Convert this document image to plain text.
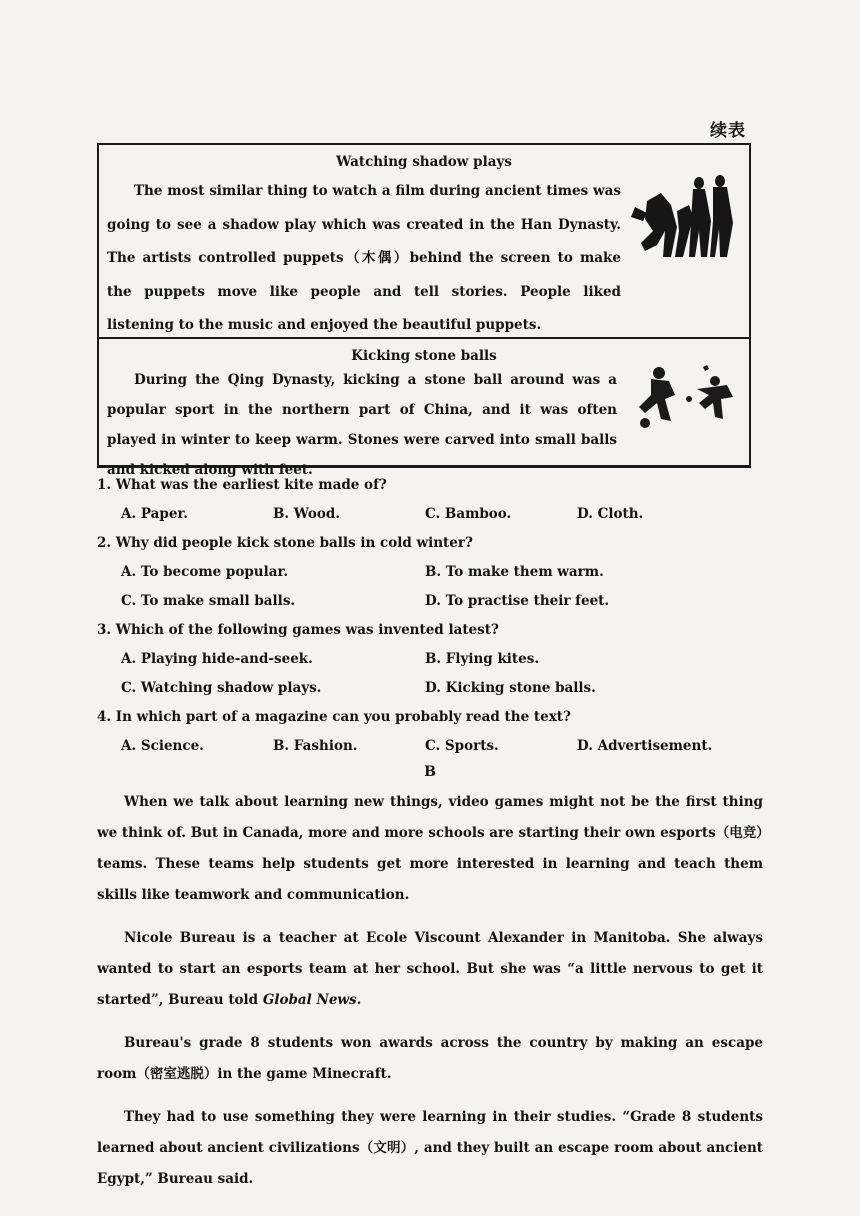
续表
Watching shadow plays
The most similar thing to watch a film during ancient times was going to see a shadow play which was created in the Han Dynasty. The artists controlled puppets（木偶）behind the screen to make the puppets move like people and tell stories. People liked listening to the music and enjoyed the beautiful puppets.
Kicking stone balls
During the Qing Dynasty, kicking a stone ball around was a popular sport in the northern part of China, and it was often played in winter to keep warm. Stones were carved into small balls and kicked along with feet.
1. What was the earliest kite made of?
A. Paper.	B. Wood.	C. Bamboo.	D. Cloth.
2. Why did people kick stone balls in cold winter?
A. To become popular.	B. To make them warm.
C. To make small balls.	D. To practise their feet.
3. Which of the following games was invented latest?
A. Playing hide-and-seek.	B. Flying kites.
C. Watching shadow plays.	D. Kicking stone balls.
4. In which part of a magazine can you probably read the text?
A. Science.	B. Fashion.	C. Sports.	D. Advertisement.
B

When we talk about learning new things, video games might not be the first thing we think of. But in Canada, more and more schools are starting their own esports（电竞）teams. These teams help students get more interested in learning and teach them skills like teamwork and communication.

Nicole Bureau is a teacher at Ecole Viscount Alexander in Manitoba. She always wanted to start an esports team at her school. But she was “a little nervous to get it started”, Bureau told Global News.

Bureau's grade 8 students won awards across the country by making an escape room（密室逃脱）in the game Minecraft.

They had to use something they were learning in their studies. “Grade 8 students learned about ancient civilizations（文明）, and they built an escape room about ancient Egypt,” Bureau said.
